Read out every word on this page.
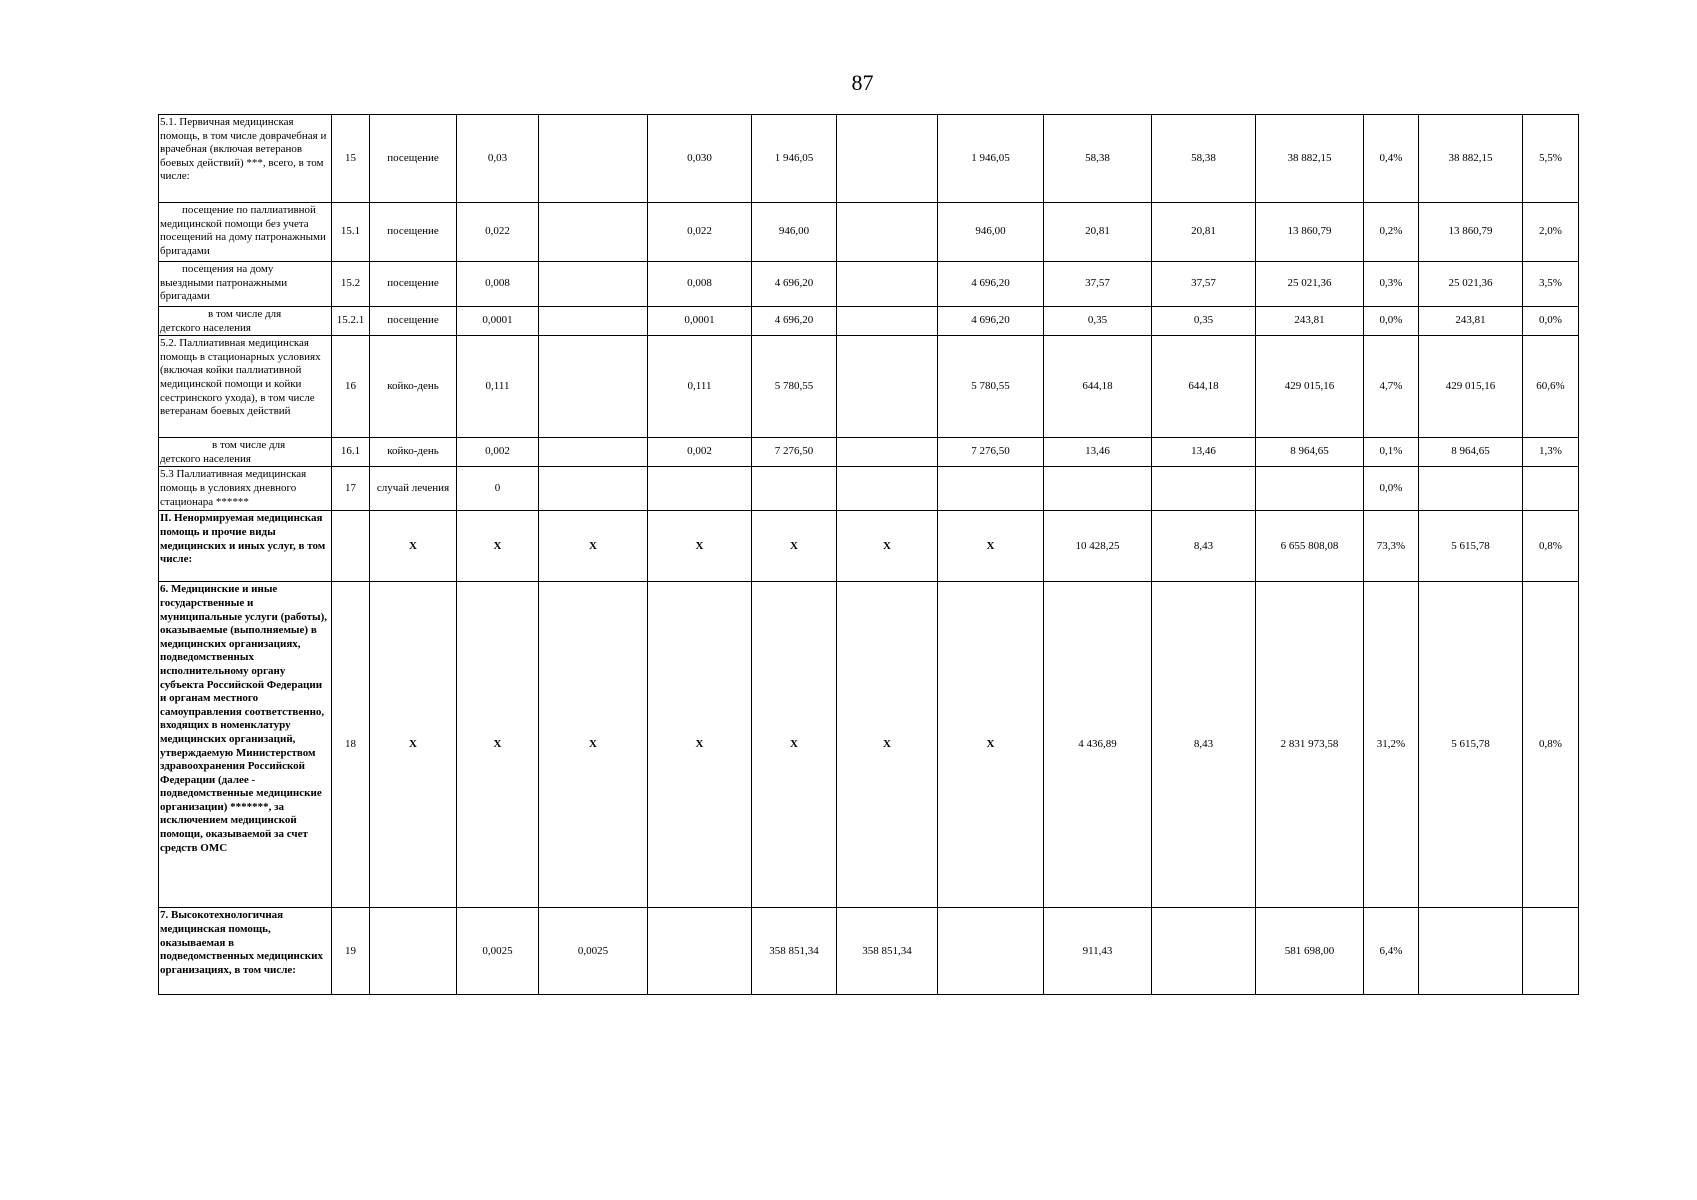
87
5.1. Первичная медицинская помощь, в том числе доврачебная и врачебная (включая ветеранов боевых действий) ***, всего, в том числе:	15	посещение	0,03		0,030	1 946,05		1 946,05	58,38	58,38	38 882,15	0,4%	38 882,15	5,5%
посещение по паллиативной
медицинской помощи без учета посещений на дому патронажными бригадами	15.1	посещение	0,022		0,022	946,00		946,00	20,81	20,81	13 860,79	0,2%	13 860,79	2,0%
посещения на дому
выездными патронажными бригадами	15.2	посещение	0,008		0,008	4 696,20		4 696,20	37,57	37,57	25 021,36	0,3%	25 021,36	3,5%
в том числе для
детского населения	15.2.1	посещение	0,0001		0,0001	4 696,20		4 696,20	0,35	0,35	243,81	0,0%	243,81	0,0%
5.2. Паллиативная медицинская помощь в стационарных условиях (включая койки паллиативной медицинской помощи и койки сестринского ухода), в том числе ветеранам боевых действий	16	койко-день	0,111		0,111	5 780,55		5 780,55	644,18	644,18	429 015,16	4,7%	429 015,16	60,6%
в том числе для
детского населения	16.1	койко-день	0,002		0,002	7 276,50		7 276,50	13,46	13,46	8 964,65	0,1%	8 964,65	1,3%
5.3 Паллиативная медицинская помощь в условиях дневного стационара ******	17	случай лечения	0									0,0%		
II. Ненормируемая медицинская помощь и прочие виды медицинских и иных услуг, в том числе:		X	X	X	X	X	X	X	10 428,25	8,43	6 655 808,08	73,3%	5 615,78	0,8%
6. Медицинские и иные государственные и муниципальные услуги (работы), оказываемые (выполняемые) в медицинских организациях, подведомственных исполнительному органу субъекта Российской Федерации и органам местного самоуправления соответственно, входящих в номенклатуру медицинских организаций, утверждаемую Министерством здравоохранения Российской Федерации (далее - подведомственные медицинские организации) *******, за исключением медицинской помощи, оказываемой за счет средств ОМС	18	X	X	X	X	X	X	X	4 436,89	8,43	2 831 973,58	31,2%	5 615,78	0,8%
7. Высокотехнологичная медицинская помощь, оказываемая в подведомственных медицинских организациях, в том числе:	19		0,0025	0,0025		358 851,34	358 851,34		911,43		581 698,00	6,4%		
